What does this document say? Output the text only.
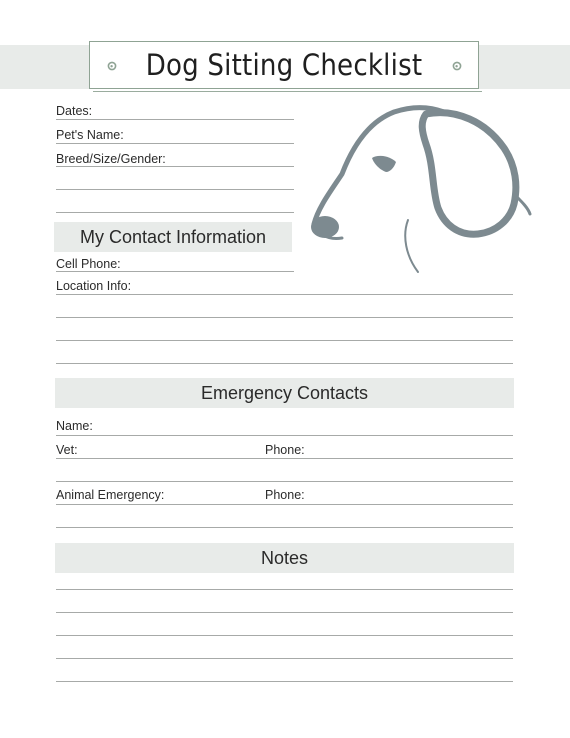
Dog Sitting Checklist
Dates:
Pet's Name:
Breed/Size/Gender:
My Contact Information
Cell Phone:
Location Info:
Emergency Contacts
Name:
Vet:	Phone:
Animal Emergency:	Phone:
Notes
